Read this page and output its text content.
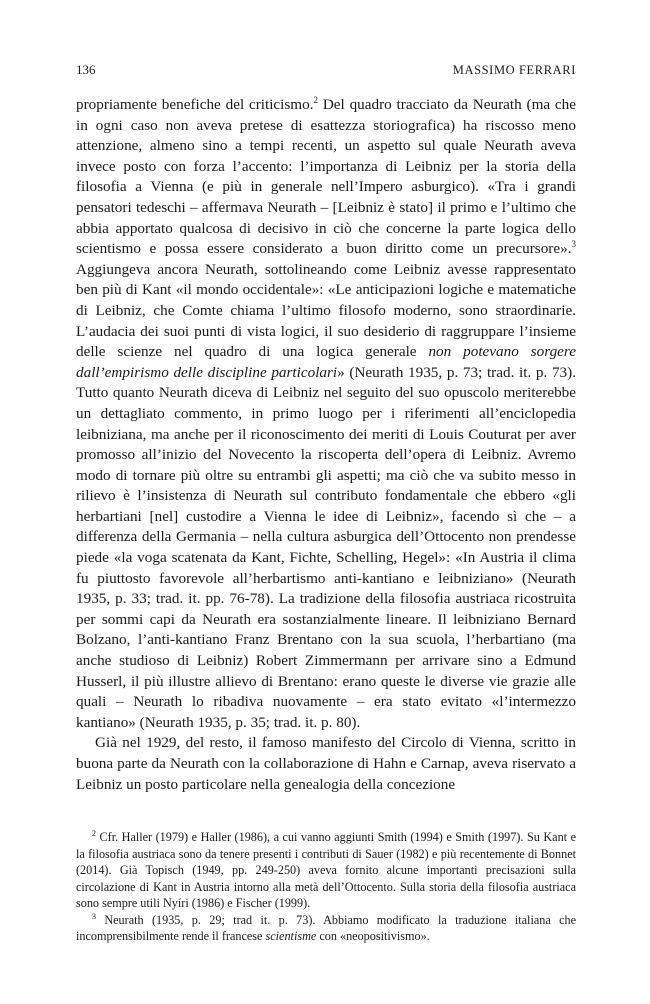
136	MASSIMO FERRARI

propriamente benefiche del criticismo.$^2$ Del quadro tracciato da Neurath (ma che in ogni caso non aveva pretese di esattezza storiografica) ha riscosso meno attenzione, almeno sino a tempi recenti, un aspetto sul quale Neurath aveva invece posto con forza l’accento: l’importanza di Leibniz per la storia della filosofia a Vienna (e più in generale nell’Impero asburgico). «Tra i grandi pensatori tedeschi – affermava Neurath – [Leibniz è stato] il primo e l’ultimo che abbia apportato qualcosa di decisivo in ciò che concerne la parte logica dello scientismo e possa essere considerato a buon diritto come un precursore».$^3$ Aggiungeva ancora Neurath, sottolineando come Leibniz avesse rappresentato ben più di Kant «il mondo occidentale»: «Le anticipazioni logiche e matematiche di Leibniz, che Comte chiama l’ultimo filosofo moderno, sono straordinarie. L’audacia dei suoi punti di vista logici, il suo desiderio di raggruppare l’insieme delle scienze nel quadro di una logica generale non potevano sorgere dall’empirismo delle discipline particolari» (Neurath 1935, p. 73; trad. it. p. 73). Tutto quanto Neurath diceva di Leibniz nel seguito del suo opuscolo meriterebbe un dettagliato commento, in primo luogo per i riferimenti all’enciclopedia leibniziana, ma anche per il riconoscimento dei meriti di Louis Couturat per aver promosso all’inizio del Novecento la riscoperta dell’opera di Leibniz. Avremo modo di tornare più oltre su entrambi gli aspetti; ma ciò che va subito messo in rilievo è l’insistenza di Neurath sul contributo fondamentale che ebbero «gli herbartiani [nel] custodire a Vienna le idee di Leibniz», facendo sì che – a differenza della Germania – nella cultura asburgica dell’Ottocento non prendesse piede «la voga scatenata da Kant, Fichte, Schelling, Hegel»: «In Austria il clima fu piuttosto favorevole all’herbartismo anti-kantiano e leibniziano» (Neurath 1935, p. 33; trad. it. pp. 76-78). La tradizione della filosofia austriaca ricostruita per sommi capi da Neurath era sostanzialmente lineare. Il leibniziano Bernard Bolzano, l’anti-kantiano Franz Brentano con la sua scuola, l’herbartiano (ma anche studioso di Leibniz) Robert Zimmermann per arrivare sino a Edmund Husserl, il più illustre allievo di Brentano: erano queste le diverse vie grazie alle quali – Neurath lo ribadiva nuovamente – era stato evitato «l’intermezzo kantiano» (Neurath 1935, p. 35; trad. it. p. 80).

Già nel 1929, del resto, il famoso manifesto del Circolo di Vienna, scritto in buona parte da Neurath con la collaborazione di Hahn e Carnap, aveva riservato a Leibniz un posto particolare nella genealogia della concezione

$^2$ Cfr. Haller (1979) e Haller (1986), a cui vanno aggiunti Smith (1994) e Smith (1997). Su Kant e la filosofia austriaca sono da tenere presenti i contributi di Sauer (1982) e più recentemente di Bonnet (2014). Già Topisch (1949, pp. 249-250) aveva fornito alcune importanti precisazioni sulla circolazione di Kant in Austria intorno alla metà dell’Ottocento. Sulla storia della filosofia austriaca sono sempre utili Nyíri (1986) e Fischer (1999).

$^3$ Neurath (1935, p. 29; trad it. p. 73). Abbiamo modificato la traduzione italiana che incomprensibilmente rende il francese scientisme con «neopositivismo».
